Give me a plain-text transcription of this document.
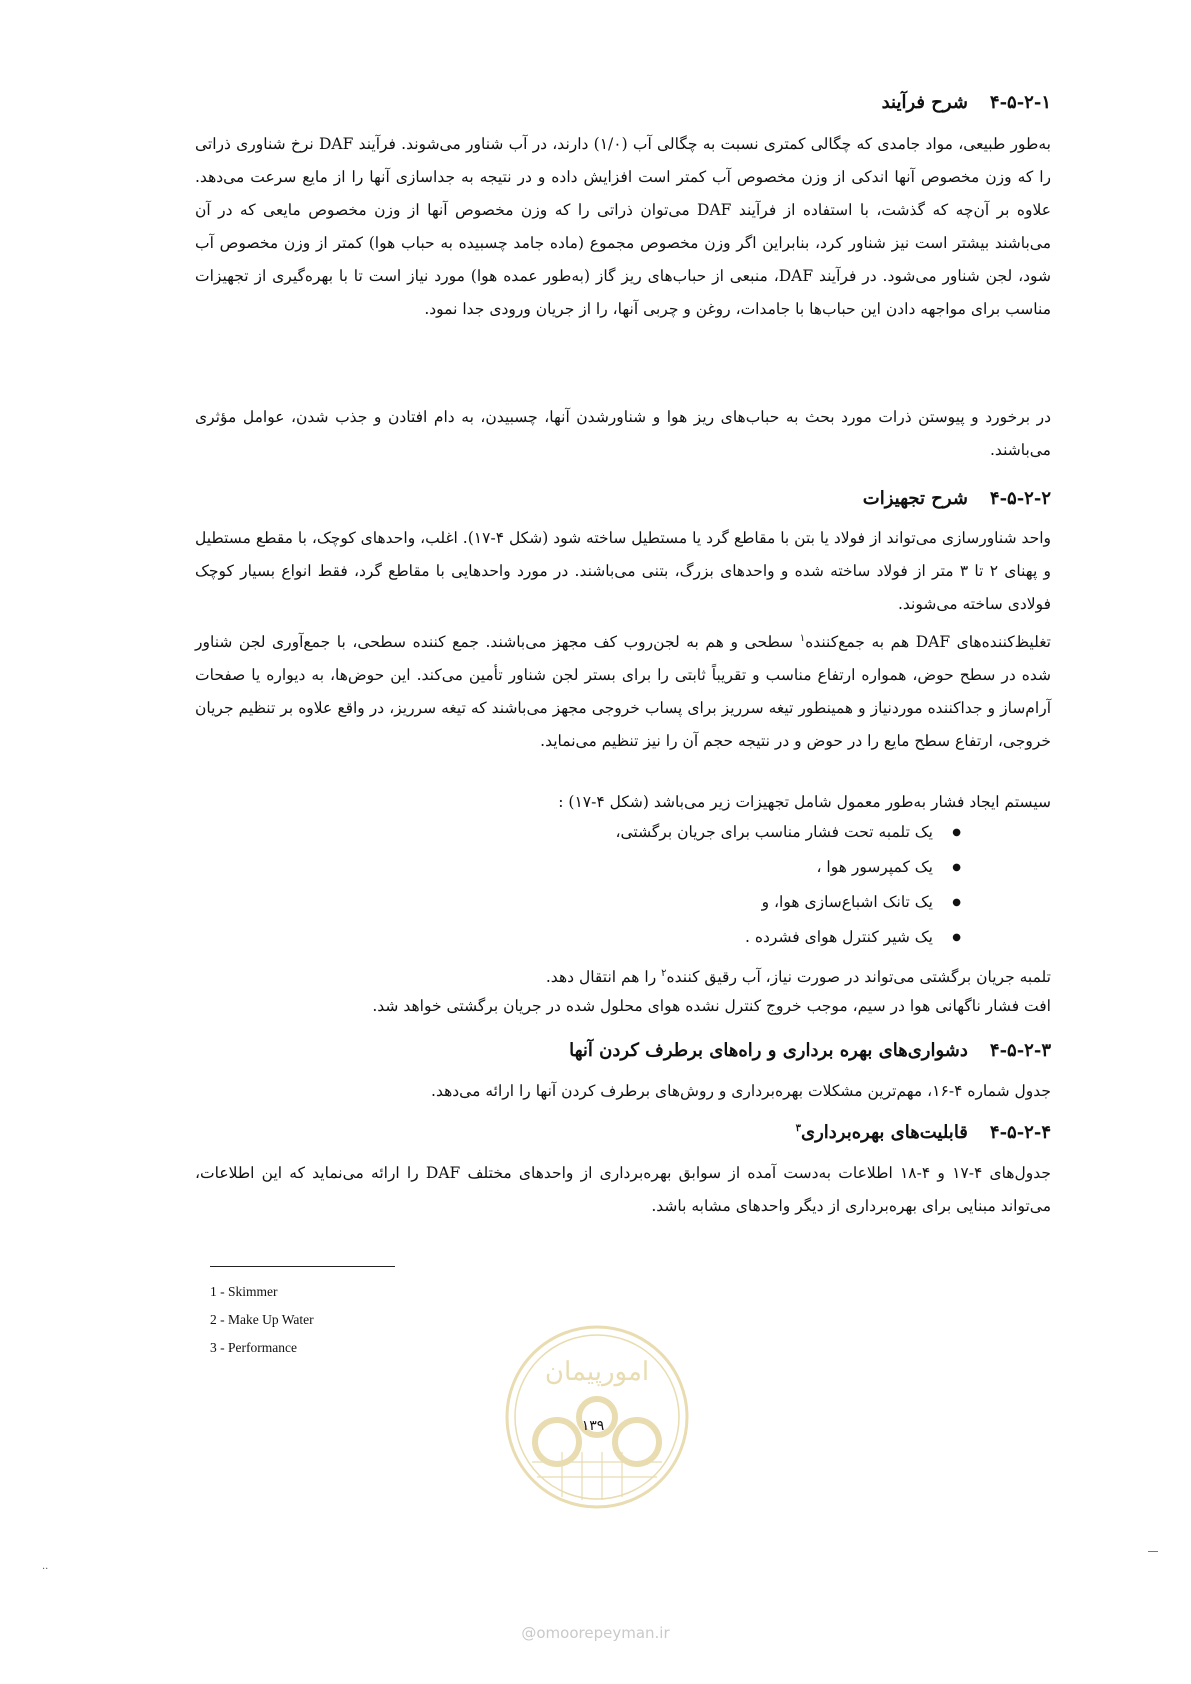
۴-۵-۲-۱شرح فرآیند
به‌طور طبیعی، مواد جامدی که چگالی کمتری نسبت به چگالی آب (۱/۰) دارند، در آب شناور می‌شوند. فرآیند DAF نرخ شناوری ذراتی را که وزن مخصوص آنها اندکی از وزن مخصوص آب کمتر است افزایش داده و در نتیجه به جداسازی آنها را از مایع سرعت می‌دهد. علاوه بر آن‌چه که گذشت، با استفاده از فرآیند DAF می‌توان ذراتی را که وزن مخصوص آنها از وزن مخصوص مایعی که در آن می‌باشند بیشتر است نیز شناور کرد، بنابراین اگر وزن مخصوص مجموع (ماده جامد چسبیده به حباب هوا) کمتر از وزن مخصوص آب شود، لجن شناور می‌شود. در فرآیند DAF، منبعی از حباب‌های ریز گاز (به‌طور عمده هوا) مورد نیاز است تا با بهره‌گیری از تجهیزات مناسب برای مواجهه دادن این حباب‌ها با جامدات، روغن و چربی آنها، را از جریان ورودی جدا نمود.
در برخورد و پیوستن ذرات مورد بحث به حباب‌های ریز هوا و شناورشدن آنها، چسبیدن، به دام افتادن و جذب شدن، عوامل مؤثری می‌باشند.
۴-۵-۲-۲شرح تجهیزات
واحد شناورسازی می‌تواند از فولاد یا بتن با مقاطع گرد یا مستطیل ساخته شود (شکل ۴-۱۷). اغلب، واحدهای کوچک، با مقطع مستطیل و پهنای ۲ تا ۳ متر از فولاد ساخته شده و واحدهای بزرگ، بتنی می‌باشند. در مورد واحدهایی با مقاطع گرد، فقط انواع بسیار کوچک فولادی ساخته می‌شوند.
تغلیظ‌کننده‌های DAF هم به جمع‌کننده$^۱$ سطحی و هم به لجن‌روب کف مجهز می‌باشند. جمع کننده سطحی، با جمع‌آوری لجن شناور شده در سطح حوض، همواره ارتفاع مناسب و تقریباً ثابتی را برای بستر لجن شناور تأمین می‌کند. این حوض‌ها، به دیواره یا صفحات آرام‌ساز و جداکننده موردنیاز و همینطور تیغه سرریز برای پساب خروجی مجهز می‌باشند که تیغه سرریز، در واقع علاوه بر تنظیم جریان خروجی، ارتفاع سطح مایع را در حوض و در نتیجه حجم آن را نیز تنظیم می‌نماید.
سیستم ایجاد فشار به‌طور معمول شامل تجهیزات زیر می‌باشد (شکل ۴-۱۷) :
● یک تلمبه تحت فشار مناسب برای جریان برگشتی،
● یک کمپرسور هوا ،
● یک تانک اشباع‌سازی هوا، و
● یک شیر کنترل هوای فشرده .
تلمبه جریان برگشتی می‌تواند در صورت نیاز، آب رقیق کننده$^۲$ را هم انتقال دهد.
افت فشار ناگهانی هوا در سیم، موجب خروج کنترل نشده هوای محلول شده در جریان برگشتی خواهد شد.
۴-۵-۲-۳دشواری‌های بهره برداری و راه‌های برطرف کردن آنها
جدول شماره ۴-۱۶، مهم‌ترین مشکلات بهره‌برداری و روش‌های برطرف کردن آنها را ارائه می‌دهد.
۴-۵-۲-۴قابلیت‌های بهره‌برداری$^۳$
جدول‌های ۴-۱۷ و ۴-۱۸ اطلاعات به‌دست آمده از سوابق بهره‌برداری از واحدهای مختلف DAF را ارائه می‌نماید که این اطلاعات، می‌تواند مبنایی برای بهره‌برداری از دیگر واحدهای مشابه باشد.
1 - Skimmer
2 - Make Up Water
3 - Performance
امورپیمان
۱۳۹
@omoorepeyman.ir
··
